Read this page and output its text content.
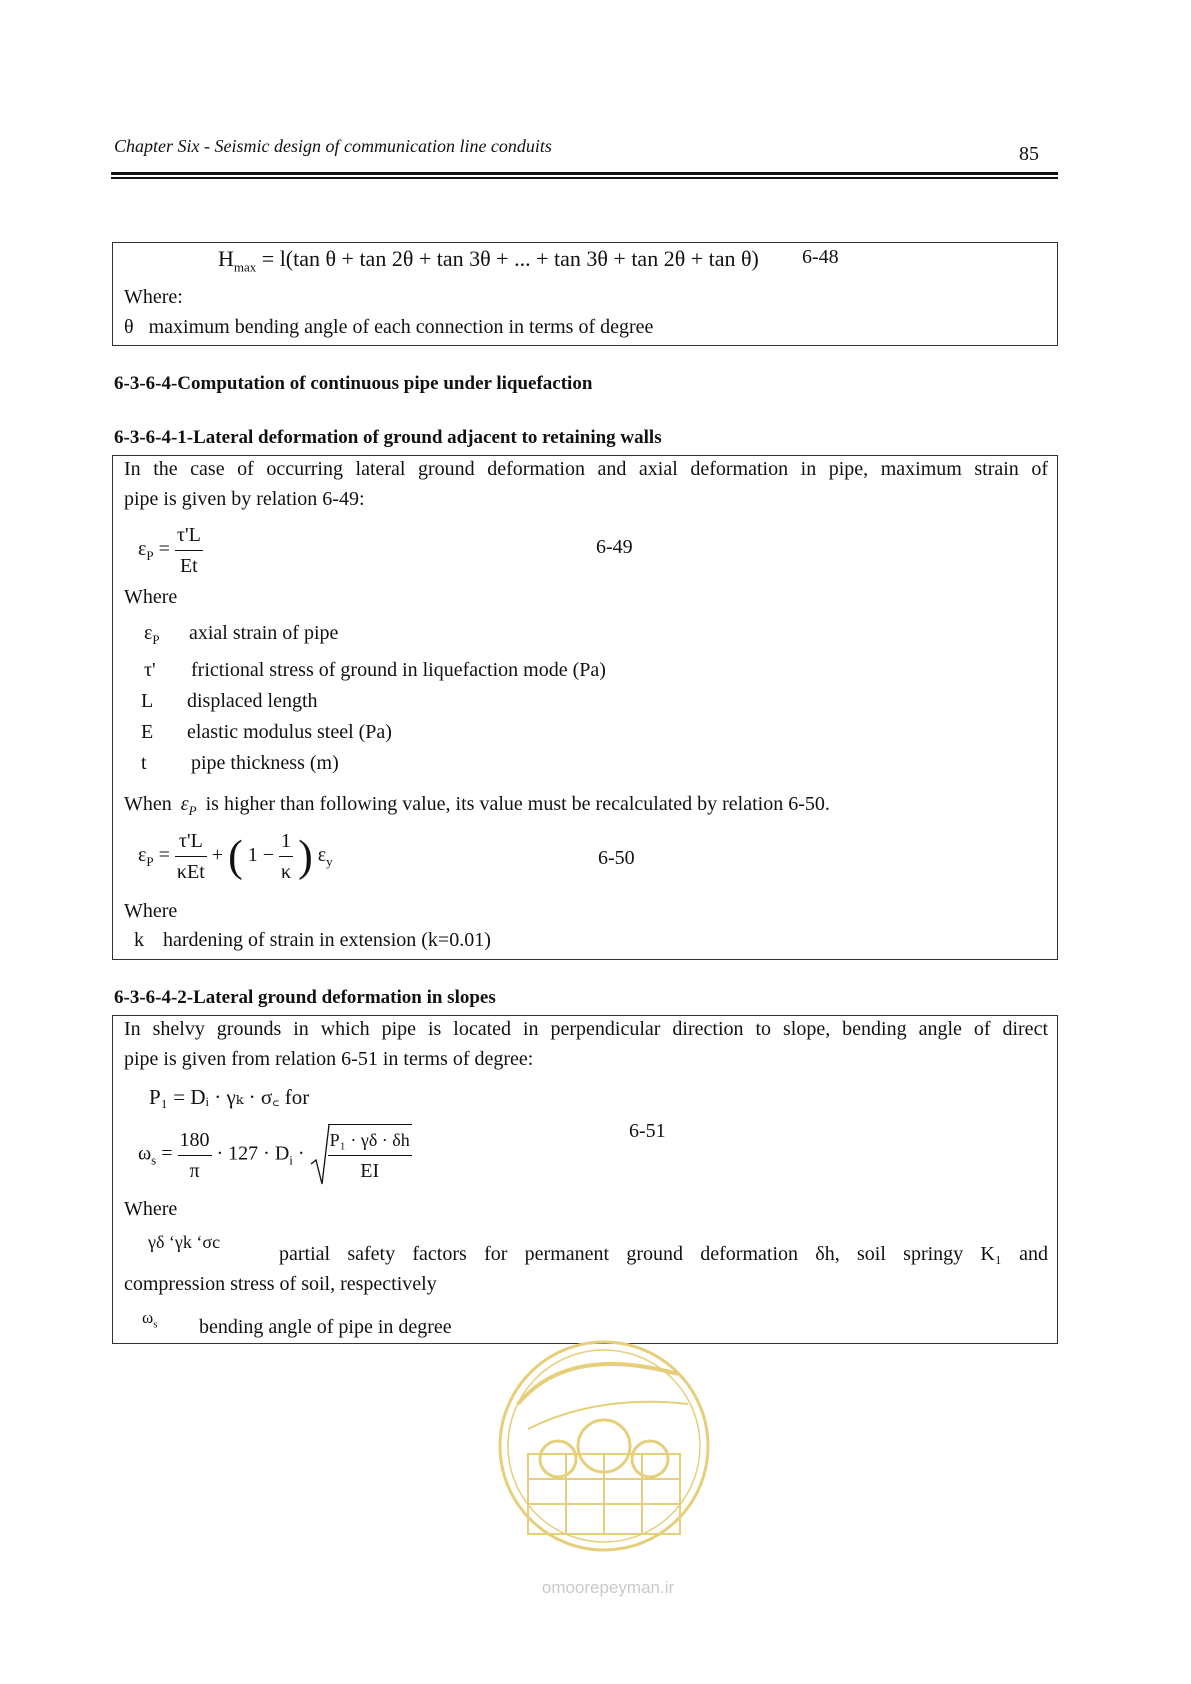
Chapter Six - Seismic design of communication line conduits	85
$H_{max} = l(\tan$ θ + tan 2θ + tan 3θ + ... + tan 3θ + tan 2θ + tan θ) 6-48
Where:
θ maximum bending angle of each connection in terms of degree
6-3-6-4-Computation of continuous pipe under liquefaction
6-3-6-4-1-Lateral deformation of ground adjacent to retaining walls
In the case of occurring lateral ground deformation and axial deformation in pipe, maximum strain of
pipe is given by relation 6-49:
$\varepsilon_P = \frac{\tau'L}{Et}$	6-49
Where
$\varepsilon_P$ axial strain of pipe
τ' frictional stress of ground in liquefaction mode (Pa)
L displaced length
E elastic modulus steel (Pa)
t pipe thickness (m)
When $\varepsilon_P$ is higher than following value, its value must be recalculated by relation 6-50.
$\varepsilon_P = \frac{\tau'L}{\text{κEt}}$ + ( $1 - \frac{1}{\kappa}$ ) $\varepsilon_y$	6-50
Where
k hardening of strain in extension (k=0.01)
6-3-6-4-2-Lateral ground deformation in slopes
In shelvy grounds in which pipe is located in perpendicular direction to slope, bending angle of direct
pipe is given from relation 6-51 in terms of degree:
P₁ = Dᵢ · γₖ · σ꜀ for
$\omega_s = \frac{180}{\pi} \cdot 127 \cdot D_i \cdot \frac{\text{P₁ · γδ · δh}}{EI}$	6-51
Where
γδ ‘γk ‘σc
partial safety factors for permanent ground deformation δh, soil springy K₁ and
compression stress of soil, respectively
$\omega_s$ bending angle of pipe in degree
omoorepeyman.ir
